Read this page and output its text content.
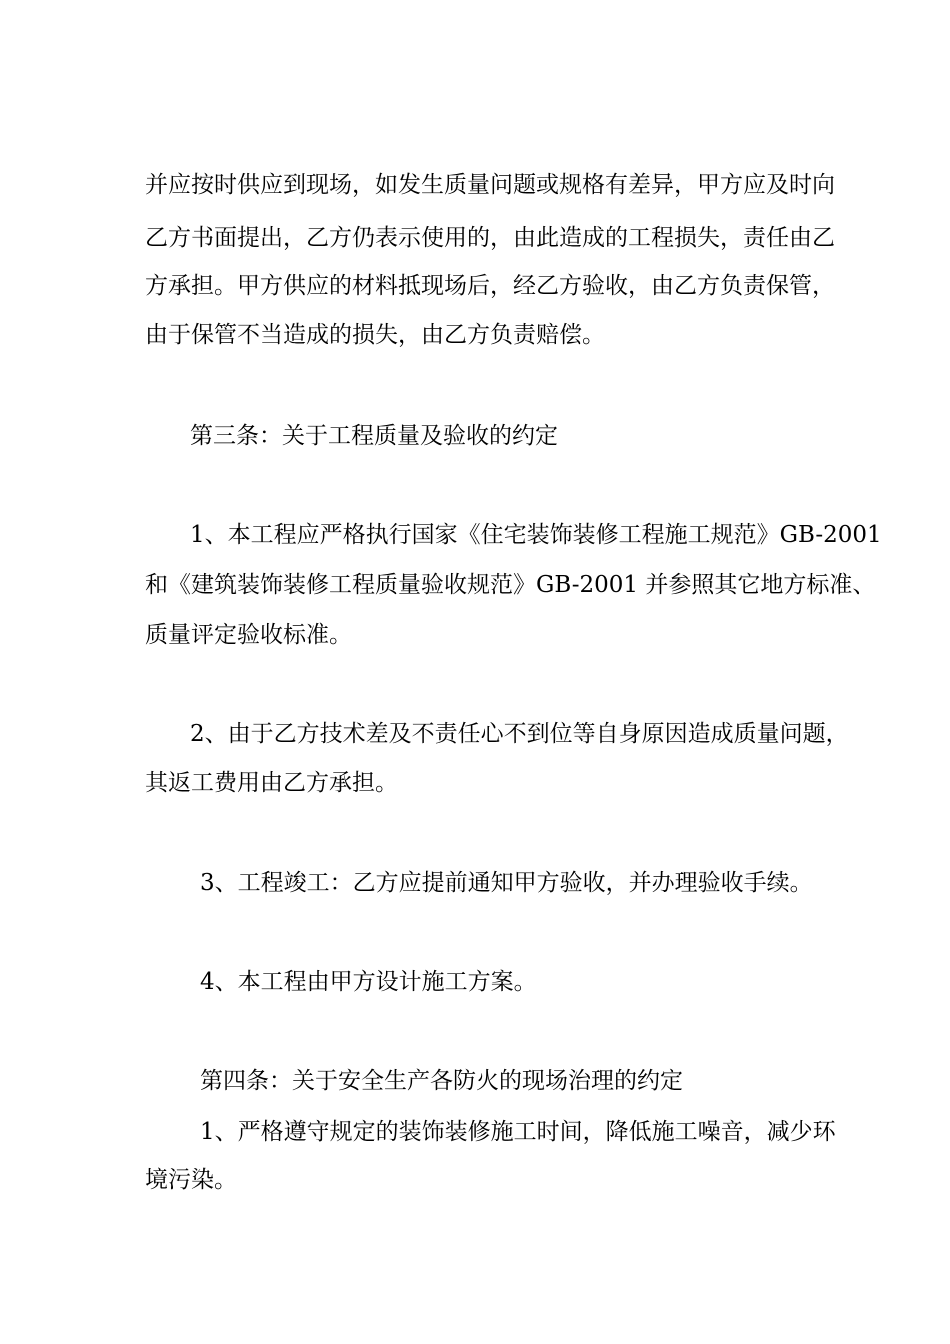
并应按时供应到现场，如发生质量问题或规格有差异，甲方应及时向
乙方书面提出，乙方仍表示使用的，由此造成的工程损失，责任由乙
方承担。甲方供应的材料抵现场后，经乙方验收，由乙方负责保管，
由于保管不当造成的损失，由乙方负责赔偿。
第三条：关于工程质量及验收的约定
1、本工程应严格执行国家《住宅装饰装修工程施工规范》GB-2001
和《建筑装饰装修工程质量验收规范》GB-2001 并参照其它地方标准、
质量评定验收标准。
2、由于乙方技术差及不责任心不到位等自身原因造成质量问题，
其返工费用由乙方承担。
3、工程竣工：乙方应提前通知甲方验收，并办理验收手续。
4、本工程由甲方设计施工方案。
第四条：关于安全生产各防火的现场治理的约定
1、严格遵守规定的装饰装修施工时间，降低施工噪音，减少环
境污染。
